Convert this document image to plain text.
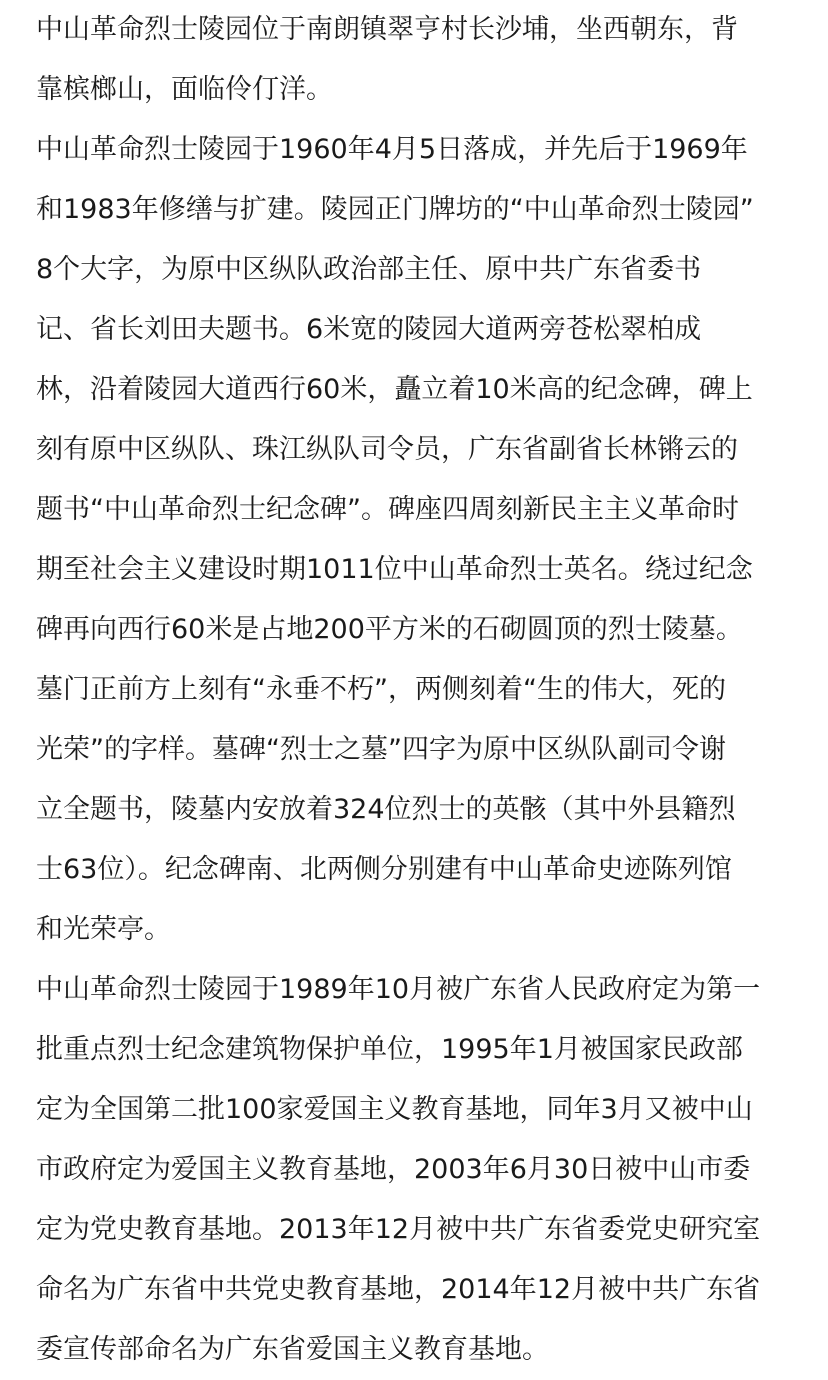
中山革命烈士陵园位于南朗镇翠亨村长沙埔，坐西朝东，背
靠槟榔山，面临伶仃洋。
中山革命烈士陵园于1960年4月5日落成，并先后于1969年
和1983年修缮与扩建。陵园正门牌坊的“中山革命烈士陵园”
8个大字，为原中区纵队政治部主任、原中共广东省委书
记、省长刘田夫题书。6米宽的陵园大道两旁苍松翠柏成
林，沿着陵园大道西行60米，矗立着10米高的纪念碑，碑上
刻有原中区纵队、珠江纵队司令员，广东省副省长林锵云的
题书“中山革命烈士纪念碑”。碑座四周刻新民主主义革命时
期至社会主义建设时期1011位中山革命烈士英名。绕过纪念
碑再向西行60米是占地200平方米的石砌圆顶的烈士陵墓。
墓门正前方上刻有“永垂不朽”，两侧刻着“生的伟大，死的
光荣”的字样。墓碑“烈士之墓”四字为原中区纵队副司令谢
立全题书，陵墓内安放着324位烈士的英骸（其中外县籍烈
士63位）。纪念碑南、北两侧分别建有中山革命史迹陈列馆
和光荣亭。
中山革命烈士陵园于1989年10月被广东省人民政府定为第一
批重点烈士纪念建筑物保护单位，1995年1月被国家民政部
定为全国第二批100家爱国主义教育基地，同年3月又被中山
市政府定为爱国主义教育基地，2003年6月30日被中山市委
定为党史教育基地。2013年12月被中共广东省委党史研究室
命名为广东省中共党史教育基地，2014年12月被中共广东省
委宣传部命名为广东省爱国主义教育基地。
